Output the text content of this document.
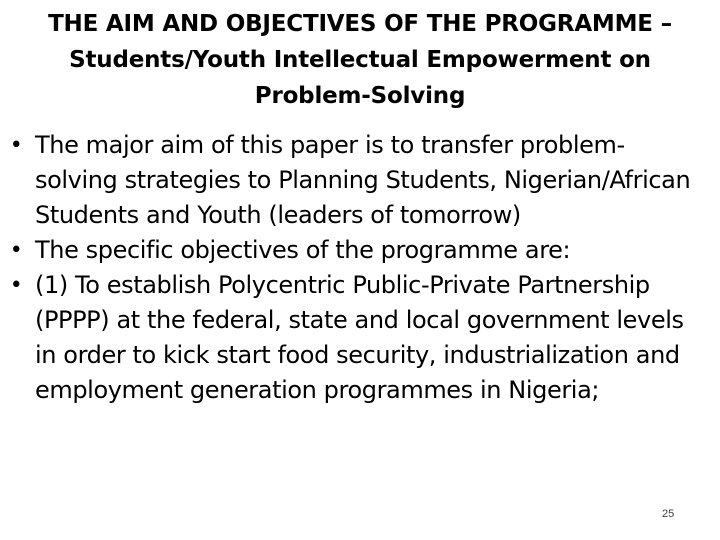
THE AIM AND OBJECTIVES OF THE PROGRAMME – Students/Youth Intellectual Empowerment on Problem-Solving
• The major aim of this paper is to transfer problem-solving strategies to Planning Students, Nigerian/African Students and Youth (leaders of tomorrow)
• The specific objectives of the programme are:
• (1) To establish Polycentric Public-Private Partnership (PPPP) at the federal, state and local government levels in order to kick start food security, industrialization and employment generation programmes in Nigeria;
25
